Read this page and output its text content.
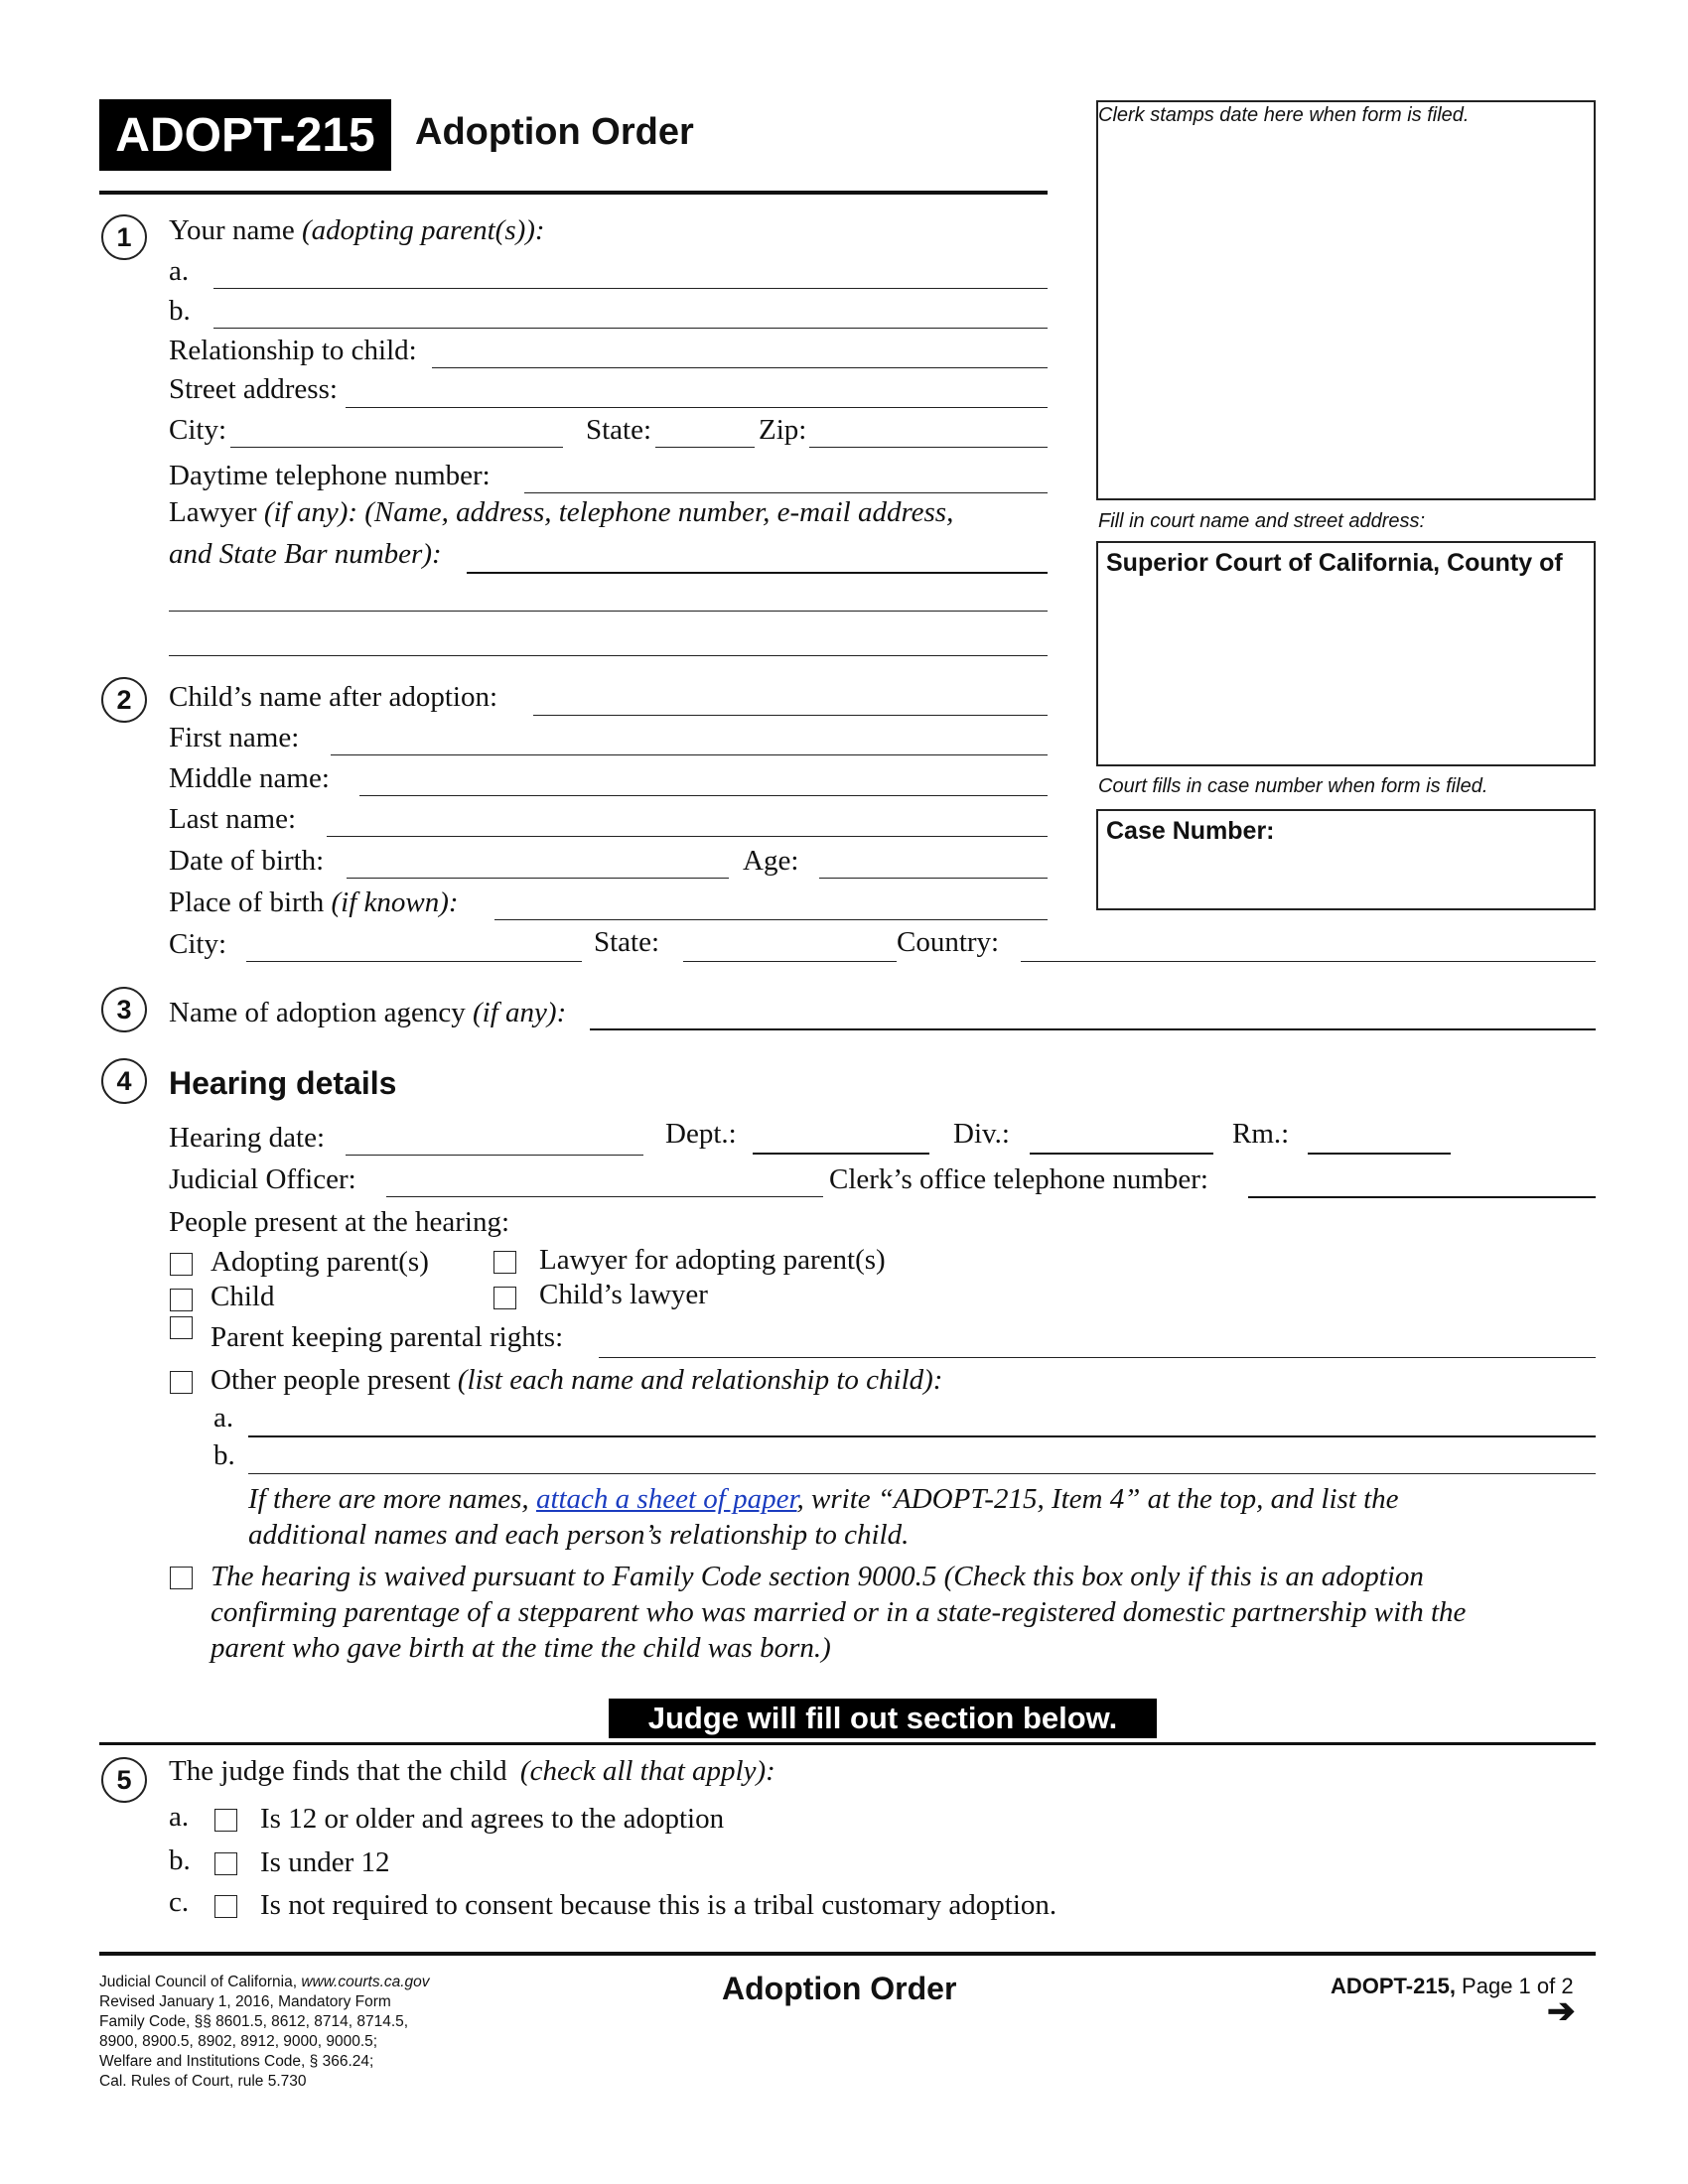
ADOPT-215 Adoption Order	Clerk stamps date here when form is filed.
Fill in court name and street address:
Superior Court of California, County of
Court fills in case number when form is filed.
Case Number:
1	Your name (adopting parent(s)):
a.
b.
Relationship to child:
Street address:
City:	State:	Zip:
Daytime telephone number:
Lawyer (if any): (Name, address, telephone number, e-mail address,
and State Bar number):
2	Child’s name after adoption:
First name:
Middle name:
Last name:
Date of birth:	Age:
Place of birth (if known):
City:	State:	Country:
3	Name of adoption agency (if any):
4	Hearing details
Hearing date:	Dept.:	Div.:	Rm.:
Judicial Officer:	Clerk’s office telephone number:
People present at the hearing:
Adopting parent(s)	Lawyer for adopting parent(s)
Child	Child’s lawyer
Parent keeping parental rights:
Other people present (list each name and relationship to child):
a.
b.
If there are more names, attach a sheet of paper, write “ADOPT-215, Item 4” at the top, and list the
additional names and each person’s relationship to child.
The hearing is waived pursuant to Family Code section 9000.5 (Check this box only if this is an adoption
confirming parentage of a stepparent who was married or in a state-registered domestic partnership with the
parent who gave birth at the time the child was born.)
Judge will fill out section below.
5	The judge finds that the child (check all that apply):
a. Is 12 or older and agrees to the adoption
b. Is under 12
c. Is not required to consent because this is a tribal customary adoption.
Judicial Council of California, www.courts.ca.gov
Revised January 1, 2016, Mandatory Form
Family Code, §§ 8601.5, 8612, 8714, 8714.5,
8900, 8900.5, 8902, 8912, 9000, 9000.5;
Welfare and Institutions Code, § 366.24;
Cal. Rules of Court, rule 5.730
Adoption Order	ADOPT-215, Page 1 of 2
➔
